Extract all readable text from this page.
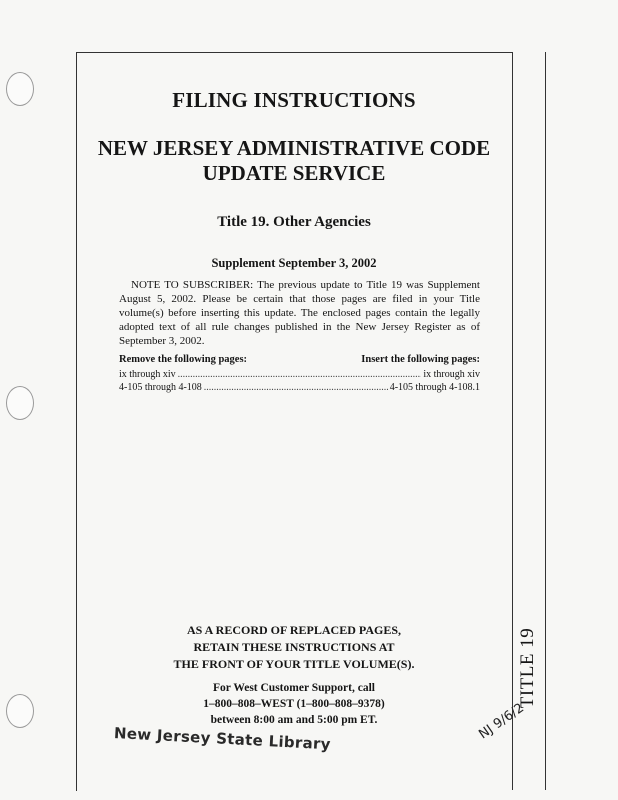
FILING INSTRUCTIONS
NEW JERSEY ADMINISTRATIVE CODE
UPDATE SERVICE
Title 19. Other Agencies
Supplement September 3, 2002
NOTE TO SUBSCRIBER: The previous update to Title 19 was Supplement August 5, 2002. Please be certain that those pages are filed in your Title volume(s) before inserting this update. The enclosed pages contain the legally adopted text of all rule changes published in the New Jersey Register as of September 3, 2002.
Remove the following pages:	Insert the following pages:
ix through xiv .....	ix through xiv
4-105 through 4-108 .....	4-105 through 4-108.1
AS A RECORD OF REPLACED PAGES,
RETAIN THESE INSTRUCTIONS AT
THE FRONT OF YOUR TITLE VOLUME(S).
For West Customer Support, call
1–800–808–WEST (1–800–808–9378)
between 8:00 am and 5:00 pm ET.
TITLE 19
New Jersey State Library	NJ 9/6/2
